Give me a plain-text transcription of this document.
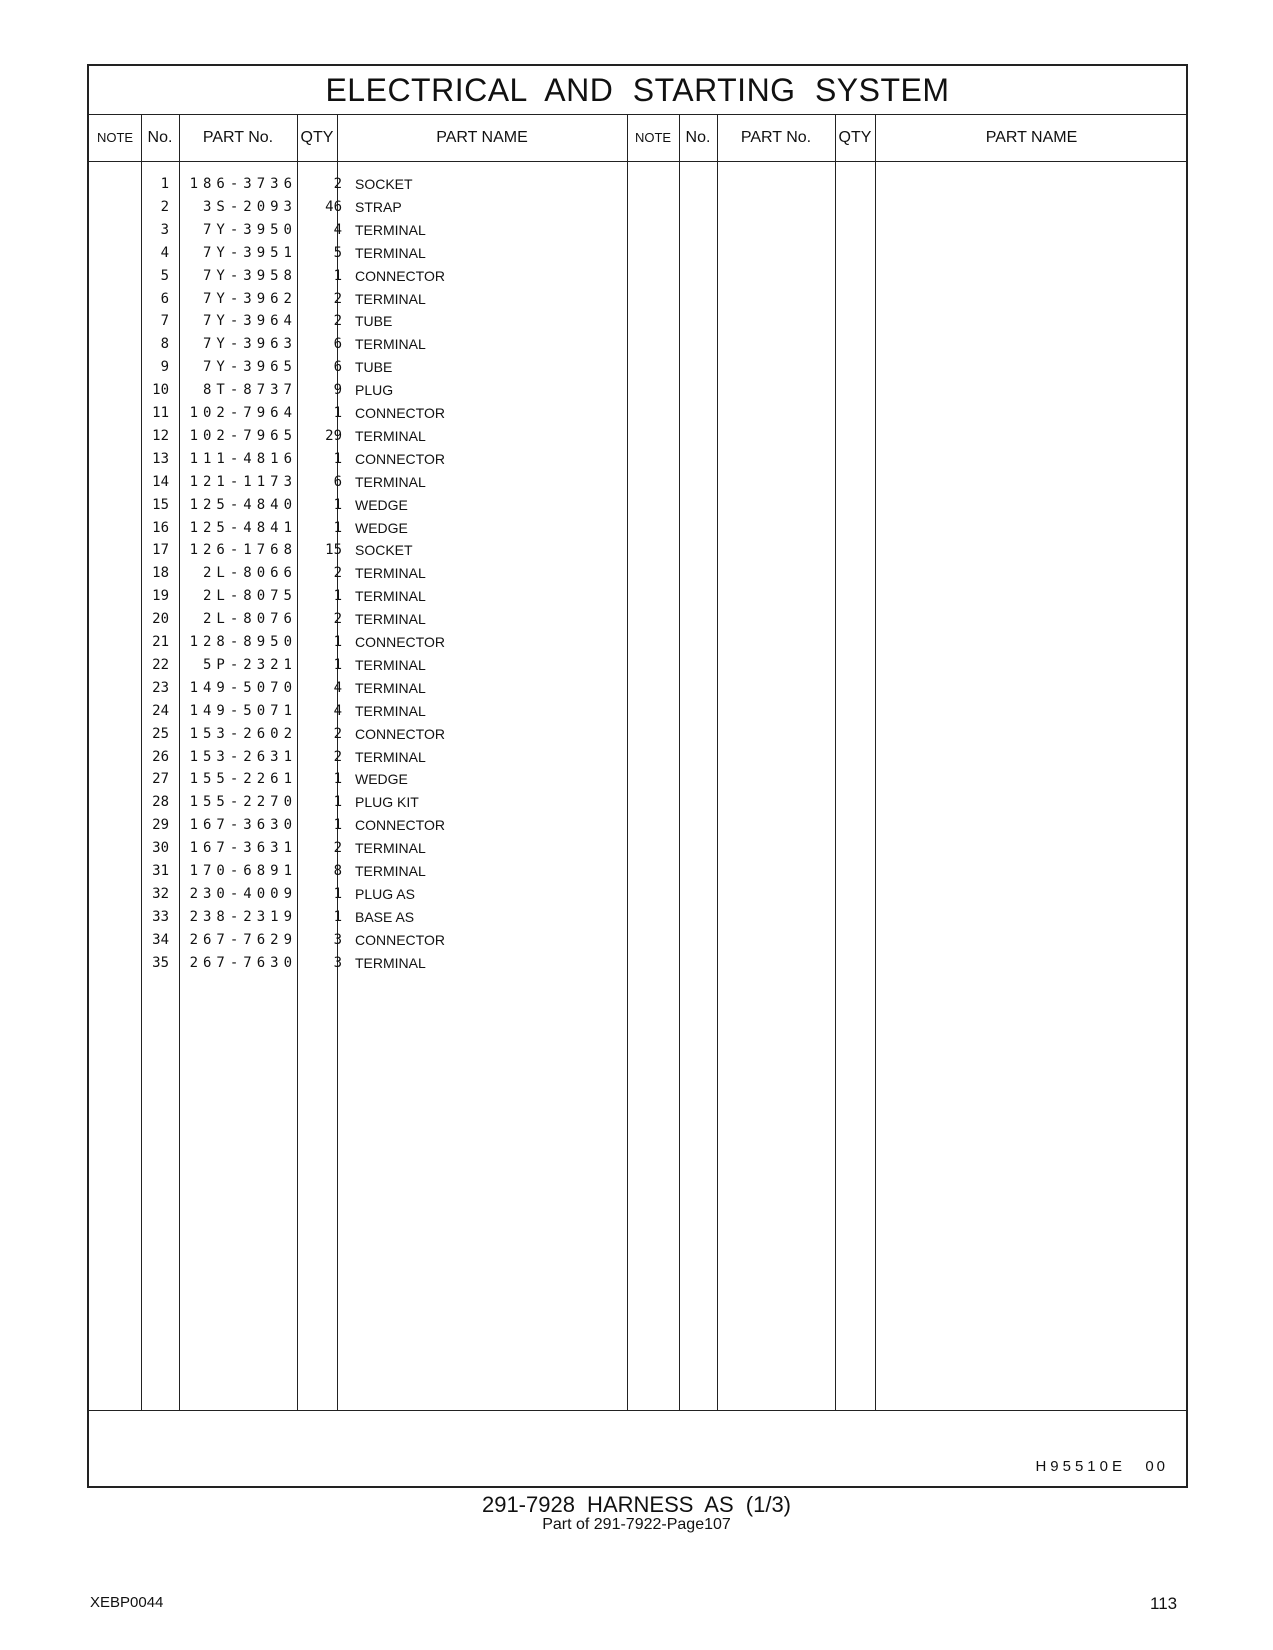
ELECTRICAL AND STARTING SYSTEM
NOTE No.	PART No.	QTY	PART NAME	NOTE No.	PART No.	QTY	PART NAME
1	186-3736	2 SOCKET
2	3S-2093	46 STRAP
3	7Y-3950	4 TERMINAL
4	7Y-3951	5 TERMINAL
5	7Y-3958	1 CONNECTOR
6	7Y-3962	2 TERMINAL
7	7Y-3964	2 TUBE
8	7Y-3963	6 TERMINAL
9	7Y-3965	6 TUBE
10	8T-8737	9 PLUG
11	102-7964	1 CONNECTOR
12	102-7965	29 TERMINAL
13	111-4816	1 CONNECTOR
14	121-1173	6 TERMINAL
15	125-4840	1 WEDGE
16	125-4841	1 WEDGE
17	126-1768	15 SOCKET
18	2L-8066	2 TERMINAL
19	2L-8075	1 TERMINAL
20	2L-8076	2 TERMINAL
21	128-8950	1 CONNECTOR
22	5P-2321	1 TERMINAL
23	149-5070	4 TERMINAL
24	149-5071	4 TERMINAL
25	153-2602	2 CONNECTOR
26	153-2631	2 TERMINAL
27	155-2261	1 WEDGE
28	155-2270	1 PLUG KIT
29	167-3630	1 CONNECTOR
30	167-3631	2 TERMINAL
31	170-6891	8 TERMINAL
32	230-4009	1 PLUG AS
33	238-2319	1 BASE AS
34	267-7629	3 CONNECTOR
35	267-7630	3 TERMINAL
H95510E 00
291-7928 HARNESS AS (1/3)
Part of 291-7922-Page107
XEBP0044	113
